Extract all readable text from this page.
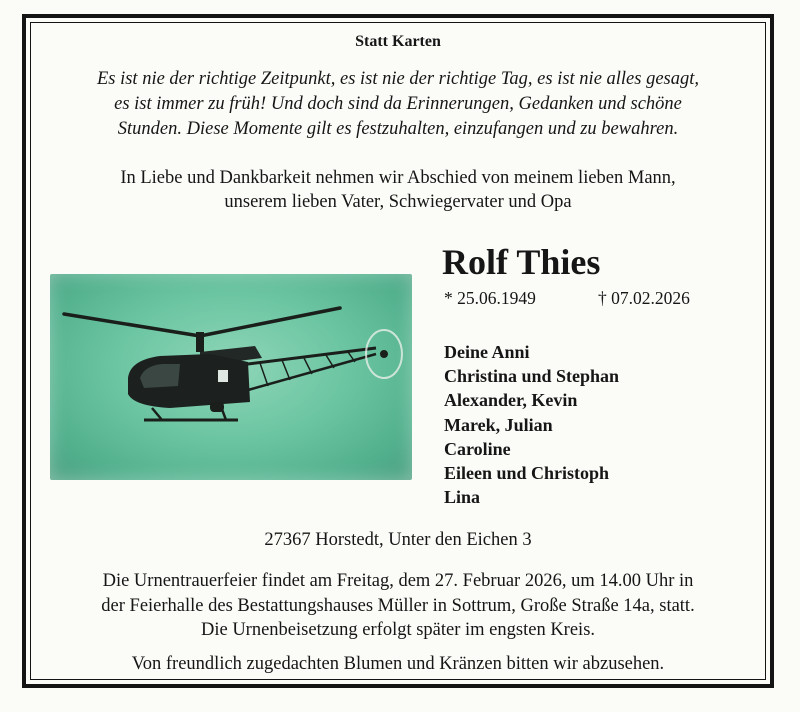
Statt Karten
Es ist nie der richtige Zeitpunkt, es ist nie der richtige Tag, es ist nie alles gesagt,
es ist immer zu früh! Und doch sind da Erinnerungen, Gedanken und schöne
Stunden. Diese Momente gilt es festzuhalten, einzufangen und zu bewahren.
In Liebe und Dankbarkeit nehmen wir Abschied von meinem lieben Mann,
unserem lieben Vater, Schwiegervater und Opa
Rolf Thies
* 25.06.1949	† 07.02.2026
Deine Anni
Christina und Stephan
Alexander, Kevin
Marek, Julian
Caroline
Eileen und Christoph
Lina
27367 Horstedt, Unter den Eichen 3
Die Urnentrauerfeier findet am Freitag, dem 27. Februar 2026, um 14.00 Uhr in
der Feierhalle des Bestattungshauses Müller in Sottrum, Große Straße 14a, statt.
Die Urnenbeisetzung erfolgt später im engsten Kreis.
Von freundlich zugedachten Blumen und Kränzen bitten wir abzusehen.
